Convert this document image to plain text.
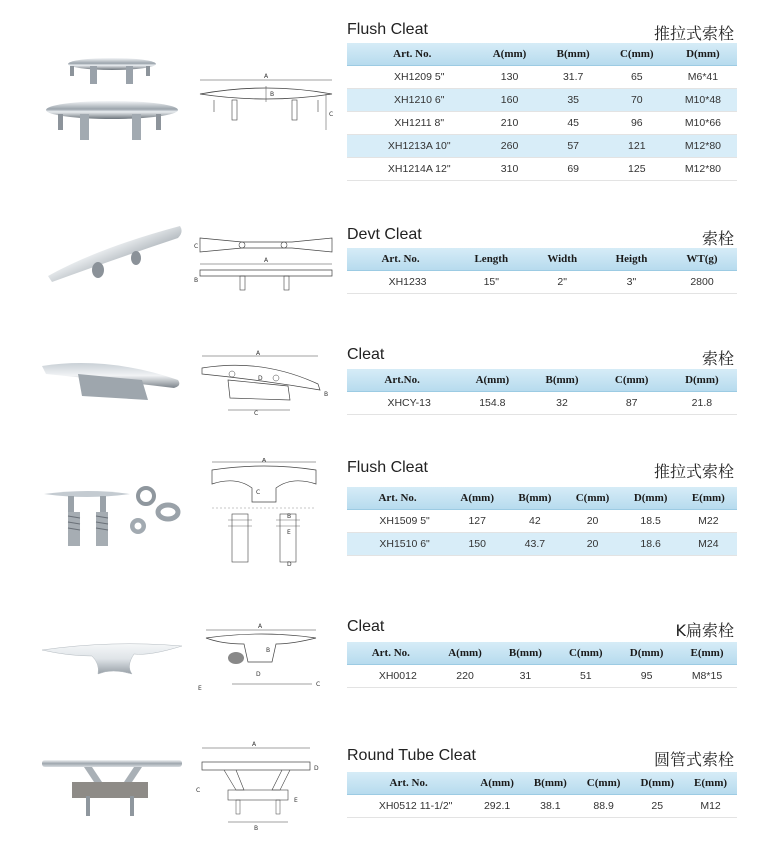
A
B
C
Flush Cleat	推拉式索栓
Art. No.	A(mm)	B(mm)	C(mm)	D(mm)
XH1209 5"	130	31.7	65	M6*41
XH1210 6"	160	35	70	M10*48
XH1211 8"	210	45	96	M10*66
XH1213A 10"	260	57	121	M12*80
XH1214A 12"	310	69	125	M12*80
A
C
B
Devt Cleat	索栓
Art. No.	Length	Width	Heigth	WT(g)
XH1233	15"	2"	3"	2800
A
D
C
B
Cleat	索栓
Art.No.	A(mm)	B(mm)	C(mm)	D(mm)
XHCY-13	154.8	32	87	21.8
A
C
B
E
D
Flush Cleat	推拉式索栓
Art. No.	A(mm)	B(mm)	C(mm)	D(mm)	E(mm)
XH1509 5"	127	42	20	18.5	M22
XH1510 6"	150	43.7	20	18.6	M24
A
B
D
C
E
Cleat	K扁索栓
Art. No.	A(mm)	B(mm)	C(mm)	D(mm)	E(mm)
XH0012	220	31	51	95	M8*15
A
D
C
B
E
Round Tube Cleat	圆管式索栓
Art. No.	A(mm)	B(mm)	C(mm)	D(mm)	E(mm)
XH0512 11-1/2"	292.1	38.1	88.9	25	M12
